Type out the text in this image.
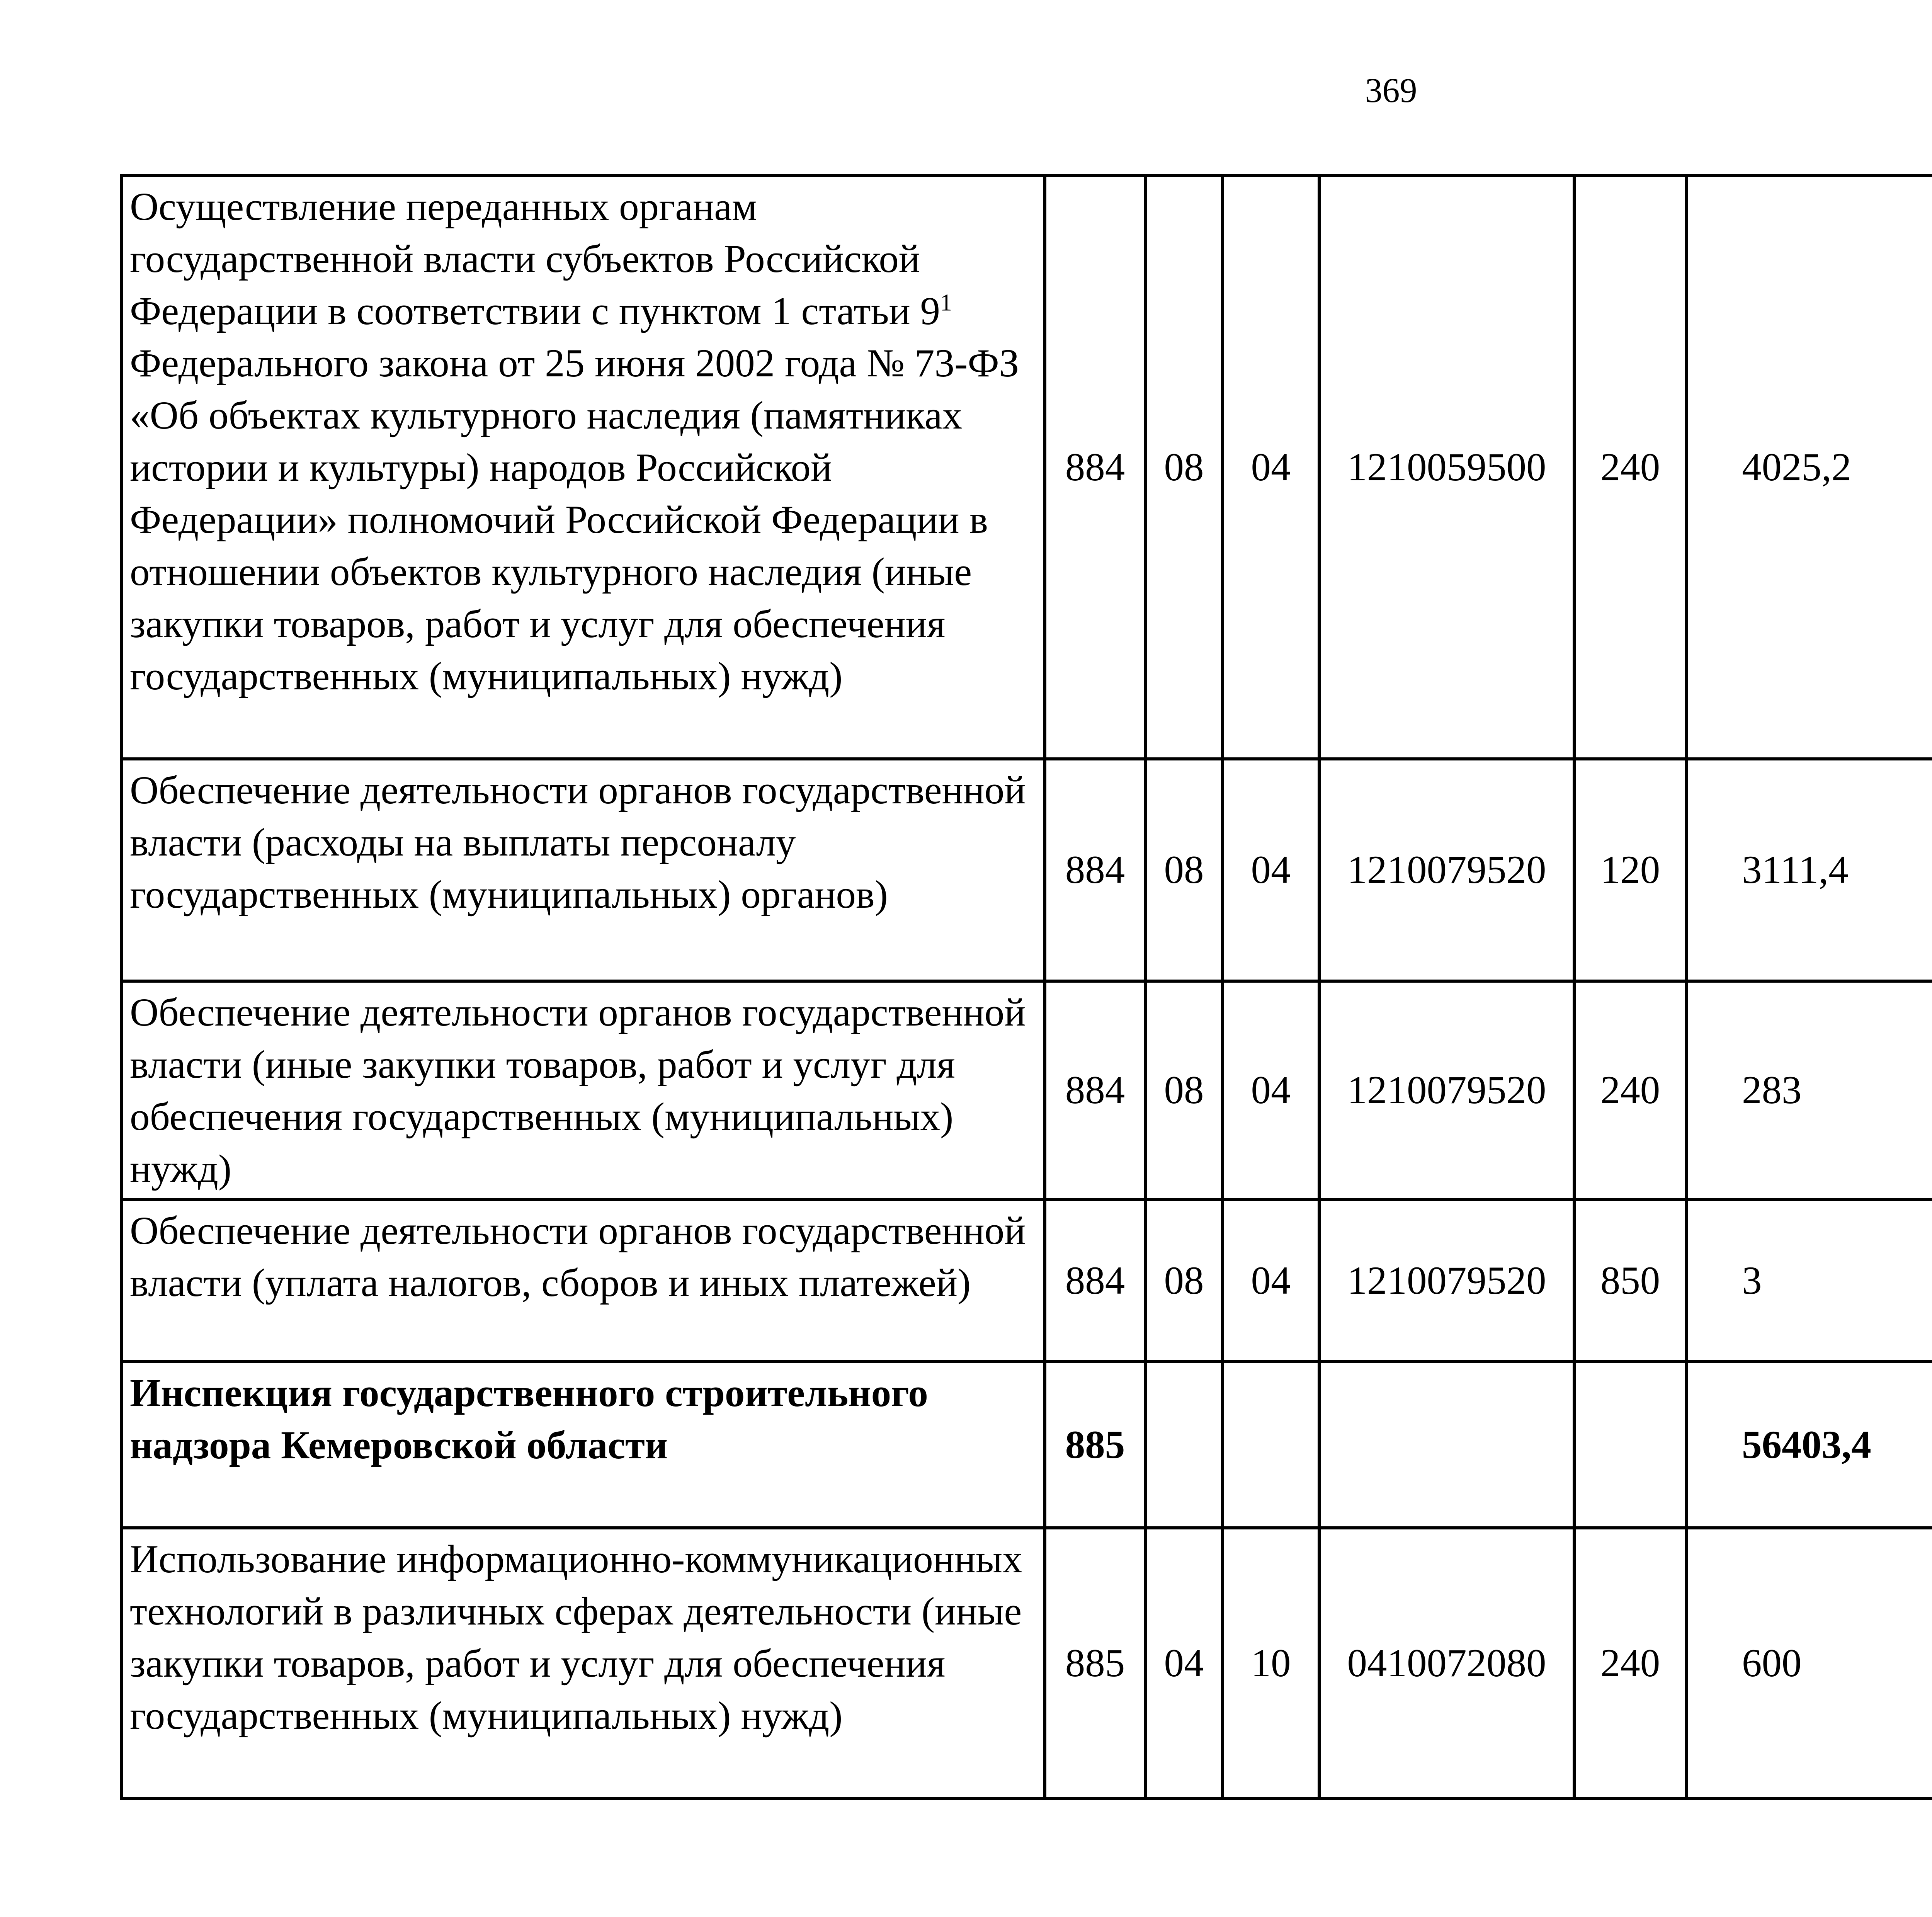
369
Осуществление переданных органам государственной власти субъектов Российской Федерации в соответствии с пунктом 1 статьи $9^1$ Федерального закона от 25 июня 2002 года № 73-ФЗ «Об объектах культурного наследия (памятниках истории и культуры) народов Российской Федерации» полномочий Российской Федерации в отношении объектов культурного наследия (иные закупки товаров, работ и услуг для обеспечения государственных (муниципальных) нужд)	884	08	04	1210059500	240	4025,2		
Обеспечение деятельности органов государственной власти (расходы на выплаты персоналу государственных (муниципальных) органов)	884	08	04	1210079520	120	3111,4		
Обеспечение деятельности органов государственной власти (иные закупки товаров, работ и услуг для обеспечения государственных (муниципальных) нужд)	884	08	04	1210079520	240	283		
Обеспечение деятельности органов государственной власти (уплата налогов, сборов и иных платежей)	884	08	04	1210079520	850	3		
Инспекция государственного строительного надзора Кемеровской области	885					56403,4		
Использование информационно-коммуникационных технологий в различных сферах деятельности (иные закупки товаров, работ и услуг для обеспечения государственных (муниципальных) нужд)	885	04	10	0410072080	240	600		
